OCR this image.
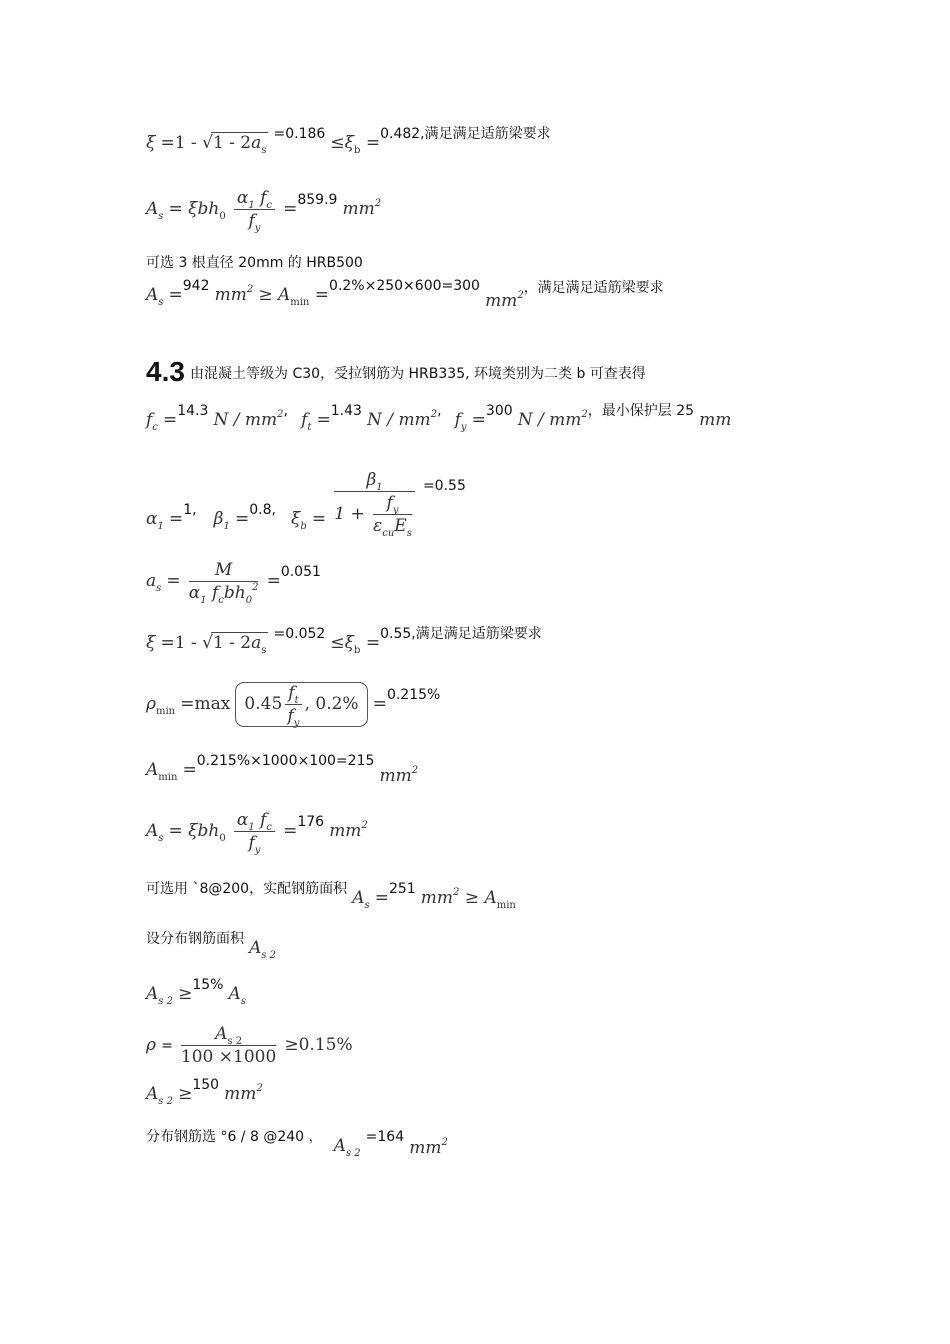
$\xi =1 - √1 - 2a_s =0.186 \le\xi_b =0.482$,满足满足适筋梁要求
$A_s = \xi bh_0 \frac{\alpha_1 f_c}{f_y} =859.9$ $mm^2$
可选 3 根直径 20mm 的 HRB500
$A_s =942$ $mm^2 \ge A_{min} =0.2\%\times 250\times 600=300$ $mm^2$，满足满足适筋梁要求
4.3 由混凝土等级为 C30，受拉钢筋为 HRB335, 环境类别为二类 b 可查表得
$f_c =14.3$ N / $mm^2$, $f_t =1.43$ N / $mm^2$, $f_y =300$ N / $mm^2$，最小保护层 25 mm
$\alpha_1 =1$, $\beta_1 =0.8$, $\xi_b = \frac{\beta_1}{1 + \frac{f_y}{\varepsilon_{cu}E_s}} =0.55$
$a_s = \frac{M}{\alpha_1 f_cbh_0^2} =0.051$
$\xi =1 - √1 - 2a_s =0.052 \le\xi_b =0.55$,满足满足适筋梁要求
$\rho_{min} =\max$ $0.45 \frac{f_t}{f_y}$ , 0.2% =0.215%
$A_{min} =0.215\%\times 1000\times 100=215$ $mm^2$
$A_s = \xi bh_0 \frac{\alpha_1 f_c}{f_y} =176$ $mm^2$
可选用 `8@200，实配钢筋面积 $A_s =251$ $mm^2 \ge A_{min}$
设分布钢筋面积 $A_{s 2}$
$A_{s 2} \ge 15\%$ $A_s$
$\rho = \frac{A_{s 2}}{100 \times 1000} \ge 0.15\%$
$A_{s 2} \ge 150$ $mm^2$
分布钢筋选 °6 / 8 @240 ， $A_{s 2} =164$ $mm^2$
